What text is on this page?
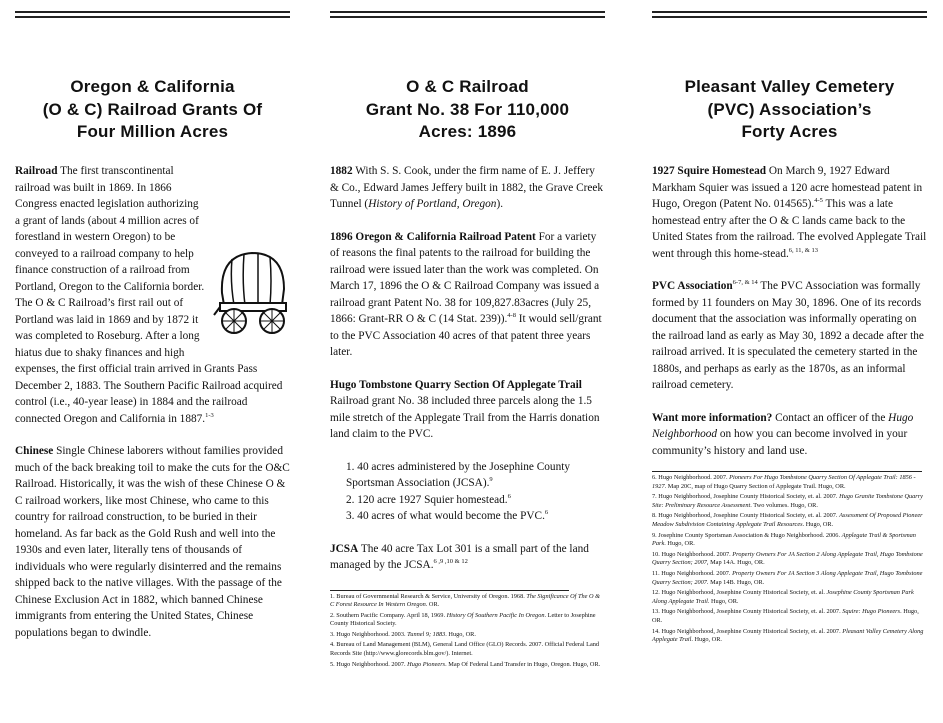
Oregon & California
(O & C) Railroad Grants Of
Four Million Acres

Railroad The first transcontinental railroad was built in 1869. In 1866 Congress enacted legislation authorizing a grant of lands (about 4 million acres of forestland in western Oregon) to be conveyed to a railroad company to help finance construction of a railroad from Portland, Oregon to the California border. The O & C Railroad’s first rail out of Portland was laid in 1869 and by 1872 it was completed to Roseburg. After a long hiatus due to shaky finances and high expenses, the first official train arrived in Grants Pass December 2, 1883. The Southern Pacific Railroad acquired control (i.e., 40-year lease) in 1884 and the railroad connected Oregon and California in 1887.$^{1-3}$

Chinese Single Chinese laborers without families provided much of the back breaking toil to make the cuts for the O&C Railroad. Historically, it was the wish of these Chinese O & C railroad workers, like most Chinese, who came to this country for railroad construction, to be buried in their homeland. As far back as the Gold Rush and well into the 1930s and even later, literally tens of thousands of individuals who were regularly disinterred and the remains shipped back to the native villages. With the passage of the Chinese Exclusion Act in 1882, which banned Chinese immigrants from entering the United States, Chinese populations began to dwindle.

O & C Railroad
Grant No. 38 For 110,000
Acres: 1896

1882 With S. S. Cook, under the firm name of E. J. Jeffery & Co., Edward James Jeffery built in 1882, the Grave Creek Tunnel (History of Portland, Oregon).

1896 Oregon & California Railroad Patent For a variety of reasons the final patents to the railroad for building the railroad were issued later than the work was completed. On March 17, 1896 the O & C Railroad Company was issued a railroad grant Patent No. 38 for 109,827.83acres (July 25, 1866: Grant-RR O & C (14 Stat. 239)).$^{4-8}$ It would sell/grant to the PVC Association 40 acres of that patent three years later.

Hugo Tombstone Quarry Section Of Applegate Trail Railroad grant No. 38 included three parcels along the 1.5 mile stretch of the Applegate Trail from the Harris donation land claim to the PVC.

1. 40 acres administered by the Josephine County Sportsman Association (JCSA).$^9$
2. 120 acre 1927 Squier homestead.$^6$
3. 40 acres of what would become the PVC.$^6$

JCSA The 40 acre Tax Lot 301 is a small part of the land managed by the JCSA.$^{6 ,9 ,10 \& 12}$

1. Bureau of Governmental Research & Service, University of Oregon. 1968. The Significance Of The O & C Forest Resource In Western Oregon. OR.

2. Southern Pacific Company. April 18, 1969. History Of Southern Pacific In Oregon. Letter to Josephine County Historical Society.

3. Hugo Neighborhood. 2003. Tunnel 9; 1883. Hugo, OR.

4. Bureau of Land Management (BLM), General Land Office (GLO) Records. 2007. Official Federal Land Records Site (http://www.glorecords.blm.gov/). Internet.

5. Hugo Neighborhood. 2007. Hugo Pioneers. Map Of Federal Land Transfer in Hugo, Oregon. Hugo, OR.

Pleasant Valley Cemetery
(PVC) Association’s
Forty Acres

1927 Squire Homestead On March 9, 1927 Edward Markham Squier was issued a 120 acre homestead patent in Hugo, Oregon (Patent No. 014565).$^{4-5}$ This was a late homestead entry after the O & C lands came back to the United States from the railroad. The evolved Applegate Trail went through this home-stead.$^{6, 11, \& 13}$

PVC Association$^{6-7, \& 14}$ The PVC Association was formally formed by 11 founders on May 30, 1896. One of its records document that the association was informally operating on the railroad land as early as May 30, 1892 a decade after the railroad arrived. It is speculated the cemetery started in the 1880s, and perhaps as early as the 1870s, as an informal railroad cemetery.

Want more information? Contact an officer of the Hugo Neighborhood on how you can become involved in your community’s history and land use.

6. Hugo Neighborhood. 2007. Pioneers For Hugo Tombstone Quarry Section Of Applegate Trail: 1856 - 1927. Map 20C, map of Hugo Quarry Section of Applegate Trail. Hugo, OR.

7. Hugo Neighborhood, Josephine County Historical Society, et. al. 2007. Hugo Granite Tombstone Quarry Site: Preliminary Resource Assessment. Two volumes. Hugo, OR.

8. Hugo Neighborhood, Josephine County Historical Society, et. al. 2007. Assessment Of Proposed Pioneer Meadow Subdivision Containing Applegate Trail Resources. Hugo, OR.

9. Josephine County Sportsman Association & Hugo Neighborhood. 2006. Applegate Trail & Sportsman Park. Hugo, OR.

10. Hugo Neighborhood. 2007. Property Owners For JA Section 2 Along Applegate Trail, Hugo Tombstone Quarry Section; 2007, Map 14A. Hugo, OR.

11. Hugo Neighborhood. 2007. Property Owners For JA Section 3 Along Applegate Trail, Hugo Tombstone Quarry Section; 2007. Map 14B. Hugo, OR.

12. Hugo Neighborhood, Josephine County Historical Society, et. al. Josephine County Sportsman Park Along Applegate Trail. Hugo, OR.

13. Hugo Neighborhood, Josephine County Historical Society, et. al. 2007. Squire: Hugo Pioneers. Hugo, OR.

14. Hugo Neighborhood, Josephine County Historical Society, et. al. 2007. Pleasant Valley Cemetery Along Applegate Trail. Hugo, OR.
